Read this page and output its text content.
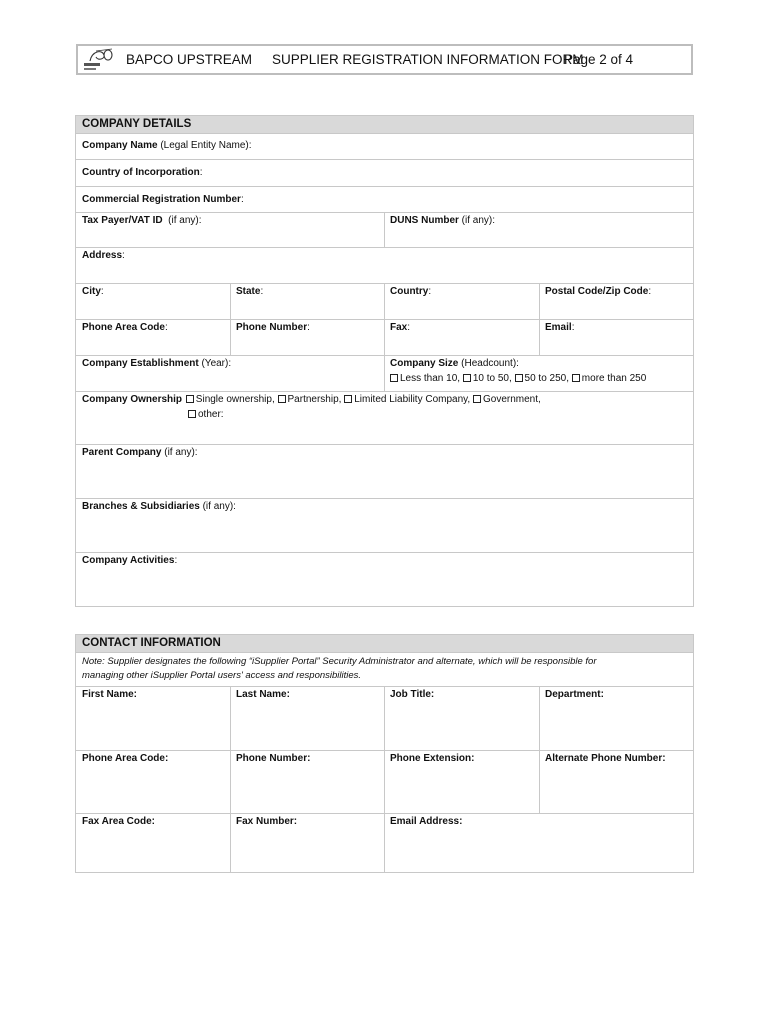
BAPCO UPSTREAM SUPPLIER REGISTRATION INFORMATION FORM
Page 2 of 4
COMPANY DETAILS
Company Name (Legal Entity Name):
Country of Incorporation:
Commercial Registration Number:
Tax Payer/VAT ID  (if any):	DUNS Number (if any):
Address:
City:	State:	Country:	Postal Code/Zip Code:
Phone Area Code:	Phone Number:	Fax:	Email:
Company Establishment (Year):	Company Size (Headcount):
Less than 10, 10 to 50, 50 to 250, more than 250
Company Ownership Single ownership, Partnership, Limited Liability Company, Government,
other:
Parent Company (if any):
Branches & Subsidiaries (if any):
Company Activities:
CONTACT INFORMATION
Note: Supplier designates the following “iSupplier Portal” Security Administrator and alternate, which will be responsible for
managing other iSupplier Portal users' access and responsibilities.
First Name:	Last Name:	Job Title:	Department:
Phone Area Code:	Phone Number:	Phone Extension:	Alternate Phone Number:
Fax Area Code:	Fax Number:	Email Address:
